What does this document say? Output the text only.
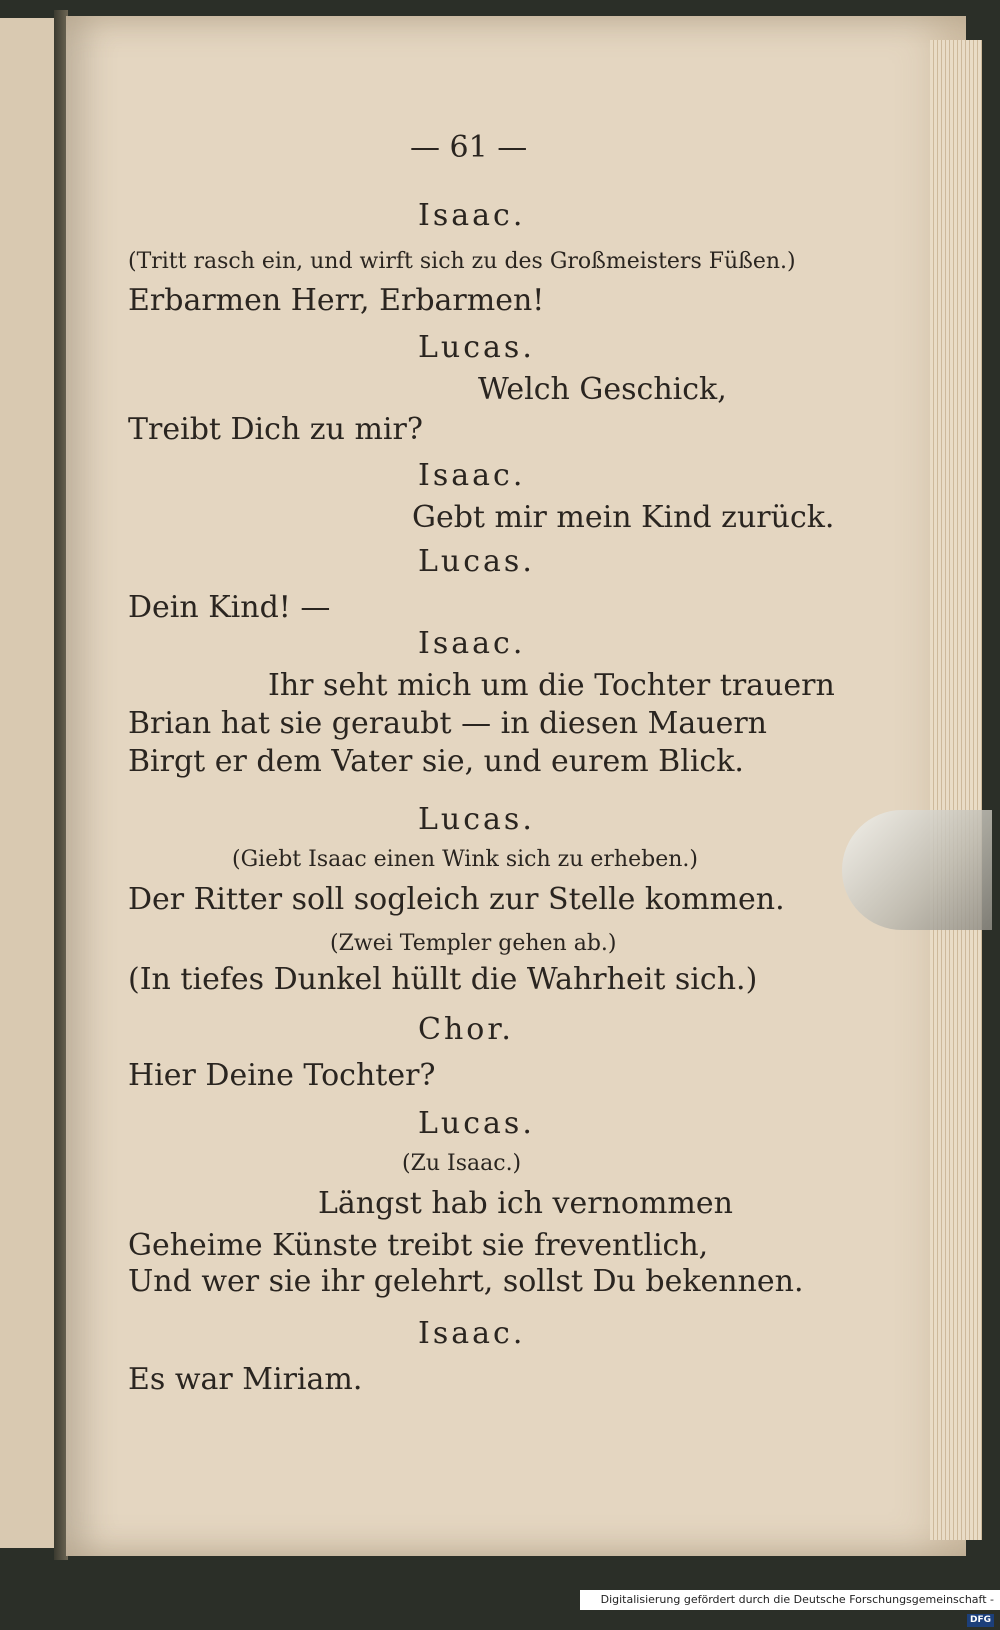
— 61 —
Isaac.
(Tritt rasch ein, und wirft sich zu des Großmeisters Füßen.)
Erbarmen Herr, Erbarmen!
Lucas.
Welch Geschick,
Treibt Dich zu mir?
Isaac.
Gebt mir mein Kind zurück.
Lucas.
Dein Kind! —
Isaac.
Ihr seht mich um die Tochter trauern
Brian hat sie geraubt — in diesen Mauern
Birgt er dem Vater sie, und eurem Blick.
Lucas.
(Giebt Isaac einen Wink sich zu erheben.)
Der Ritter soll sogleich zur Stelle kommen.
(Zwei Templer gehen ab.)
(In tiefes Dunkel hüllt die Wahrheit sich.)
Chor.
Hier Deine Tochter?
Lucas.
(Zu Isaac.)
Längst hab ich vernommen
Geheime Künste treibt sie freventlich,
Und wer sie ihr gelehrt, sollst Du bekennen.
Isaac.
Es war Miriam.
Digitalisierung gefördert durch die Deutsche Forschungsgemeinschaft -DFG
